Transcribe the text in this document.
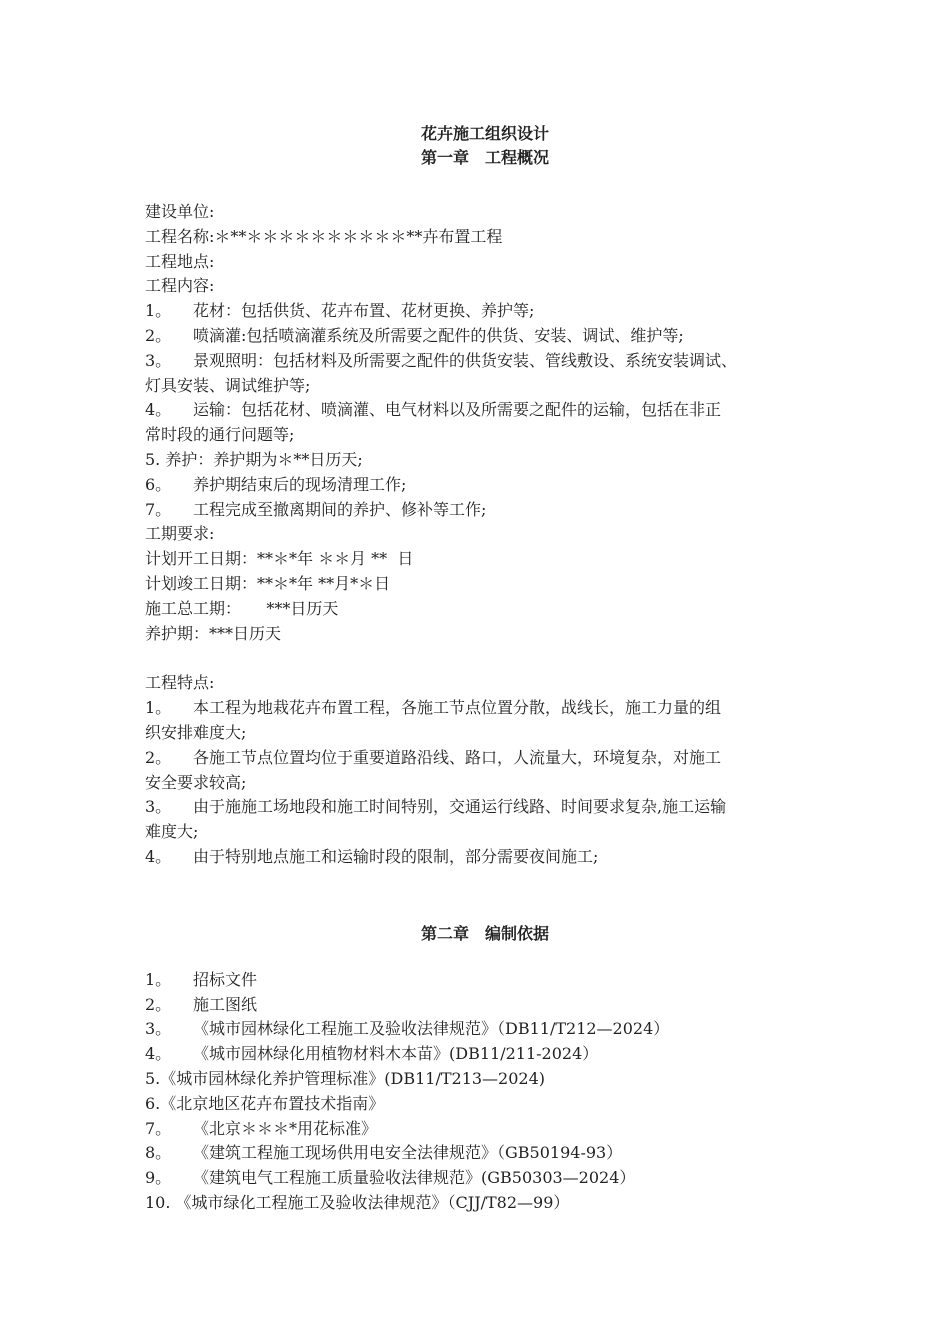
花卉施工组织设计

第一章　工程概况

建设单位:

工程名称:＊**＊＊＊＊＊＊＊＊＊＊**卉布置工程

工程地点:

工程内容:

1。 花材：包括供货、花卉布置、花材更换、养护等;

2。 喷滴灌:包括喷滴灌系统及所需要之配件的供货、安装、调试、维护等;

3。 景观照明：包括材料及所需要之配件的供货安装、管线敷设、系统安装调试、

灯具安装、调试维护等;

4。 运输：包括花材、喷滴灌、电气材料以及所需要之配件的运输，包括在非正

常时段的通行问题等;

5. 养护：养护期为＊**日历天;

6。 养护期结束后的现场清理工作;

7。 工程完成至撤离期间的养护、修补等工作;

工期要求:

计划开工日期：**＊*年 ＊＊月 **  日

计划竣工日期：**＊*年 **月*＊日

施工总工期：     ***日历天

养护期：***日历天

工程特点:

1。 本工程为地栽花卉布置工程，各施工节点位置分散，战线长，施工力量的组

织安排难度大;

2。 各施工节点位置均位于重要道路沿线、路口，人流量大，环境复杂，对施工

安全要求较高;

3。 由于施施工场地段和施工时间特别，交通运行线路、时间要求复杂,施工运输

难度大;

4。 由于特别地点施工和运输时段的限制，部分需要夜间施工;

第二章　编制依据

1。 招标文件

2。 施工图纸

3。 《城市园林绿化工程施工及验收法律规范》（DB11/T212—2024）

4。 《城市园林绿化用植物材料木本苗》(DB11/211-2024）

5.《城市园林绿化养护管理标准》(DB11/T213—2024)

6.《北京地区花卉布置技术指南》

7。 《北京＊＊＊*用花标准》

8。 《建筑工程施工现场供用电安全法律规范》（GB50194-93）

9。 《建筑电气工程施工质量验收法律规范》(GB50303—2024）

10. 《城市绿化工程施工及验收法律规范》（CJJ/T82—99）
